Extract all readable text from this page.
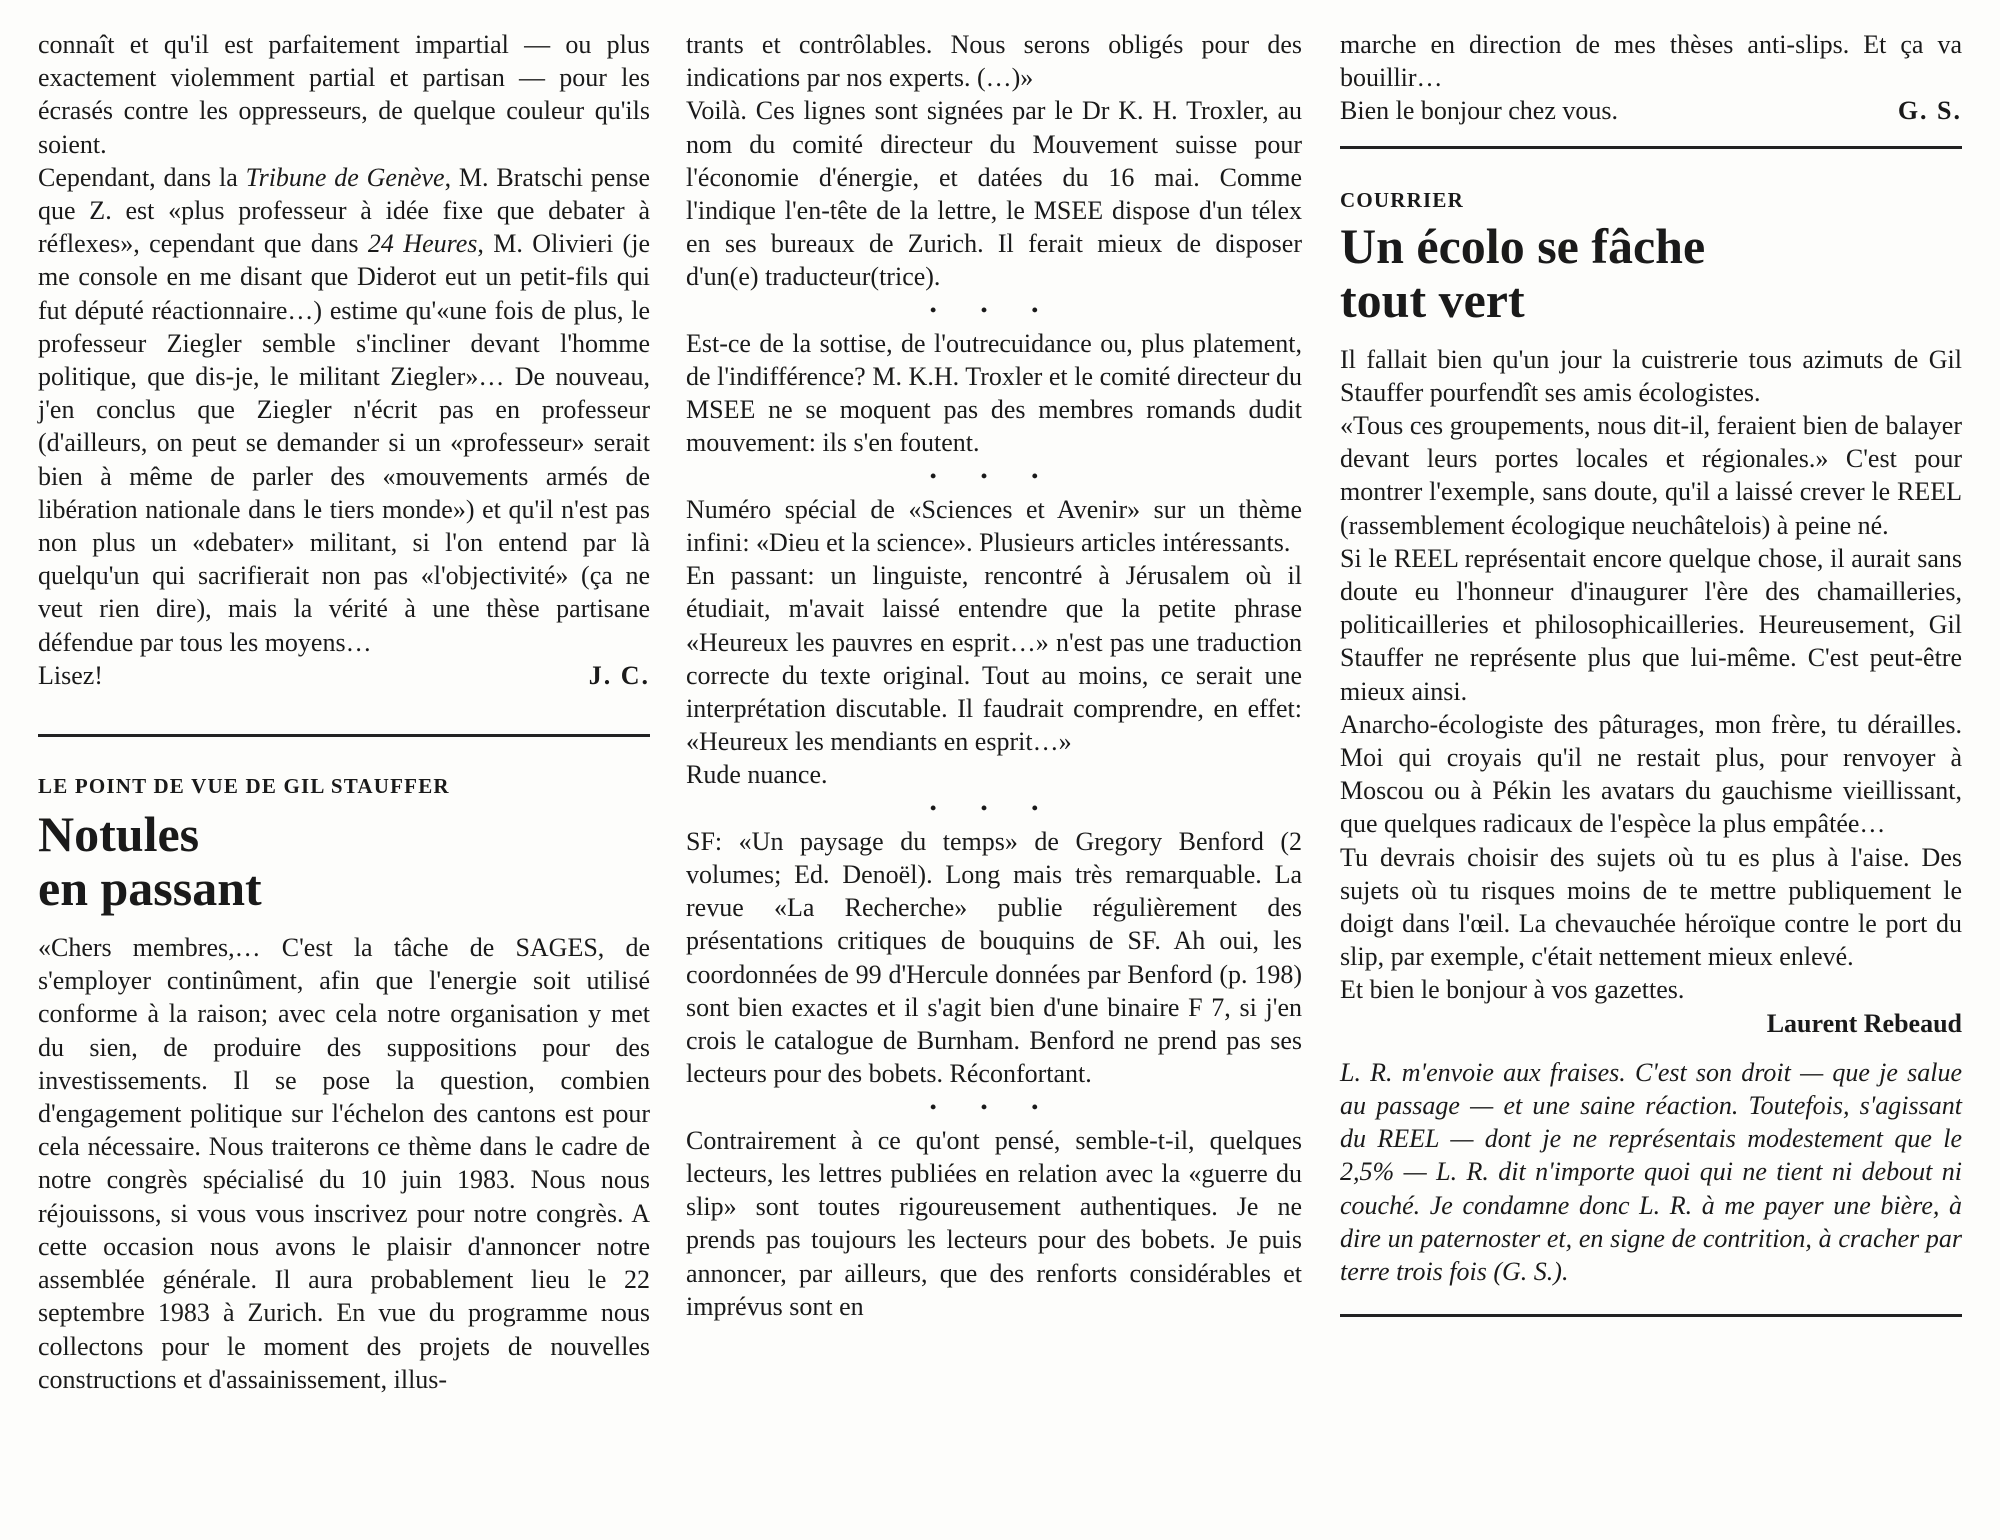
connaît et qu'il est parfaitement impartial — ou plus exactement violemment partial et partisan — pour les écrasés contre les oppresseurs, de quelque couleur qu'ils soient.

Cependant, dans la Tribune de Genève, M. Bratschi pense que Z. est «plus professeur à idée fixe que debater à réflexes», cependant que dans 24 Heures, M. Olivieri (je me console en me disant que Diderot eut un petit-fils qui fut député réactionnaire…) estime qu'«une fois de plus, le professeur Ziegler semble s'incliner devant l'homme politique, que dis-je, le militant Ziegler»… De nouveau, j'en conclus que Ziegler n'écrit pas en professeur (d'ailleurs, on peut se demander si un «professeur» serait bien à même de parler des «mouvements armés de libération nationale dans le tiers monde») et qu'il n'est pas non plus un «debater» militant, si l'on entend par là quelqu'un qui sacrifierait non pas «l'objectivité» (ça ne veut rien dire), mais la vérité à une thèse partisane défendue par tous les moyens…

Lisez!	J. C.
LE POINT DE VUE DE GIL STAUFFER
Notules
en passant

«Chers membres,… C'est la tâche de SAGES, de s'employer continûment, afin que l'energie soit utilisé conforme à la raison; avec cela notre organisation y met du sien, de produire des suppositions pour des investissements. Il se pose la question, combien d'engagement politique sur l'échelon des cantons est pour cela nécessaire. Nous traiterons ce thème dans le cadre de notre congrès spécialisé du 10 juin 1983. Nous nous réjouissons, si vous vous inscrivez pour notre congrès. A cette occasion nous avons le plaisir d'annoncer notre assemblée générale. Il aura probablement lieu le 22 septembre 1983 à Zurich. En vue du programme nous collectons pour le moment des projets de nouvelles constructions et d'assainissement, illus-

trants et contrôlables. Nous serons obligés pour des indications par nos experts. (…)»

Voilà. Ces lignes sont signées par le Dr K. H. Troxler, au nom du comité directeur du Mouvement suisse pour l'économie d'énergie, et datées du 16 mai. Comme l'indique l'en-tête de la lettre, le MSEE dispose d'un télex en ses bureaux de Zurich. Il ferait mieux de disposer d'un(e) traducteur(trice).

• • •

Est-ce de la sottise, de l'outrecuidance ou, plus platement, de l'indifférence? M. K.H. Troxler et le comité directeur du MSEE ne se moquent pas des membres romands dudit mouvement: ils s'en foutent.

• • •

Numéro spécial de «Sciences et Avenir» sur un thème infini: «Dieu et la science». Plusieurs articles intéressants.

En passant: un linguiste, rencontré à Jérusalem où il étudiait, m'avait laissé entendre que la petite phrase «Heureux les pauvres en esprit…» n'est pas une traduction correcte du texte original. Tout au moins, ce serait une interprétation discutable. Il faudrait comprendre, en effet: «Heureux les mendiants en esprit…»

Rude nuance.

• • •

SF: «Un paysage du temps» de Gregory Benford (2 volumes; Ed. Denoël). Long mais très remarquable. La revue «La Recherche» publie régulièrement des présentations critiques de bouquins de SF. Ah oui, les coordonnées de 99 d'Hercule données par Benford (p. 198) sont bien exactes et il s'agit bien d'une binaire F 7, si j'en crois le catalogue de Burnham. Benford ne prend pas ses lecteurs pour des bobets. Réconfortant.

• • •

Contrairement à ce qu'ont pensé, semble-t-il, quelques lecteurs, les lettres publiées en relation avec la «guerre du slip» sont toutes rigoureusement authentiques. Je ne prends pas toujours les lecteurs pour des bobets. Je puis annoncer, par ailleurs, que des renforts considérables et imprévus sont en

marche en direction de mes thèses anti-slips. Et ça va bouillir…

Bien le bonjour chez vous.	G. S.
COURRIER
Un écolo se fâche
tout vert

Il fallait bien qu'un jour la cuistrerie tous azimuts de Gil Stauffer pourfendît ses amis écologistes.

«Tous ces groupements, nous dit-il, feraient bien de balayer devant leurs portes locales et régionales.» C'est pour montrer l'exemple, sans doute, qu'il a laissé crever le REEL (rassemblement écologique neuchâtelois) à peine né.

Si le REEL représentait encore quelque chose, il aurait sans doute eu l'honneur d'inaugurer l'ère des chamailleries, politicailleries et philosophicailleries. Heureusement, Gil Stauffer ne représente plus que lui-même. C'est peut-être mieux ainsi.

Anarcho-écologiste des pâturages, mon frère, tu dérailles. Moi qui croyais qu'il ne restait plus, pour renvoyer à Moscou ou à Pékin les avatars du gauchisme vieillissant, que quelques radicaux de l'espèce la plus empâtée…

Tu devrais choisir des sujets où tu es plus à l'aise. Des sujets où tu risques moins de te mettre publiquement le doigt dans l'œil. La chevauchée héroïque contre le port du slip, par exemple, c'était nettement mieux enlevé.

Et bien le bonjour à vos gazettes.

Laurent Rebeaud

L. R. m'envoie aux fraises. C'est son droit — que je salue au passage — et une saine réaction. Toutefois, s'agissant du REEL — dont je ne représentais modestement que le 2,5% — L. R. dit n'importe quoi qui ne tient ni debout ni couché. Je condamne donc L. R. à me payer une bière, à dire un paternoster et, en signe de contrition, à cracher par terre trois fois (G. S.).
